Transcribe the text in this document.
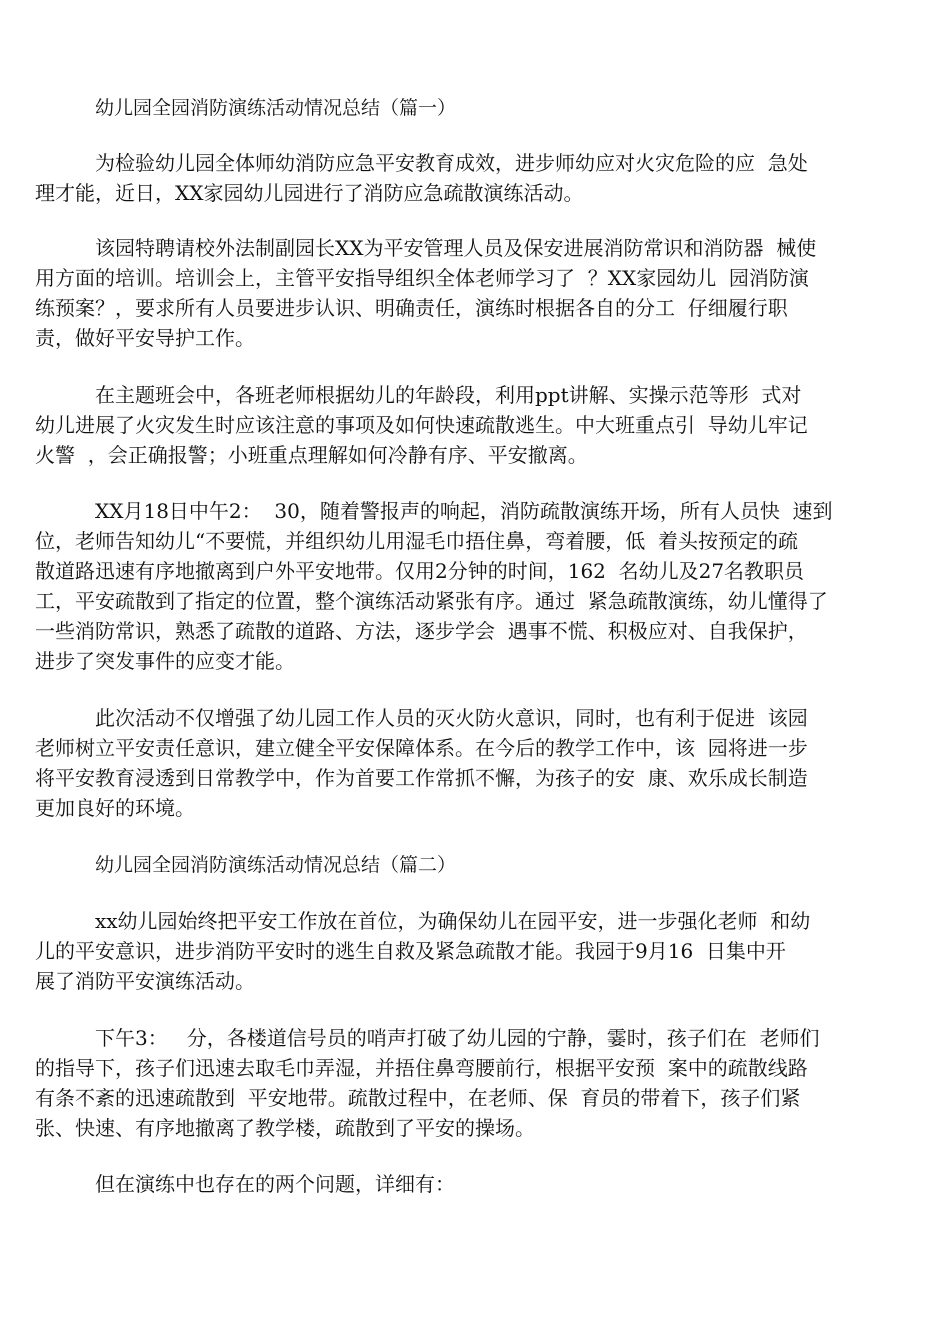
幼儿园全园消防演练活动情况总结（篇一）
为检验幼儿园全体师幼消防应急平安教育成效，进步师幼应对火灾危险的应  急处
理才能，近日，XX家园幼儿园进行了消防应急疏散演练活动。
该园特聘请校外法制副园长XX为平安管理人员及保安进展消防常识和消防器  械使
用方面的培训。培训会上，主管平安指导组织全体老师学习了  ？XX家园幼儿  园消防演
练预案？，要求所有人员要进步认识、明确责任，演练时根据各自的分工  仔细履行职
责，做好平安导护工作。
在主题班会中，各班老师根据幼儿的年龄段，利用ppt讲解、实操示范等形  式对
幼儿进展了火灾发生时应该注意的事项及如何快速疏散逃生。中大班重点引  导幼儿牢记
火警  ，会正确报警；小班重点理解如何冷静有序、平安撤离。
XX月18日中午2：  30，随着警报声的响起，消防疏散演练开场，所有人员快  速到
位，老师告知幼儿“不要慌，并组织幼儿用湿毛巾捂住鼻，弯着腰，低  着头按预定的疏
散道路迅速有序地撤离到户外平安地带。仅用2分钟的时间，162  名幼儿及27名教职员
工，平安疏散到了指定的位置，整个演练活动紧张有序。通过  紧急疏散演练，幼儿懂得了
一些消防常识，熟悉了疏散的道路、方法，逐步学会  遇事不慌、积极应对、自我保护，
进步了突发事件的应变才能。
此次活动不仅增强了幼儿园工作人员的灭火防火意识，同时，也有利于促进  该园
老师树立平安责任意识，建立健全平安保障体系。在今后的教学工作中，该  园将进一步
将平安教育浸透到日常教学中，作为首要工作常抓不懈，为孩子的安  康、欢乐成长制造
更加良好的环境。
幼儿园全园消防演练活动情况总结（篇二）
xx幼儿园始终把平安工作放在首位，为确保幼儿在园平安，进一步强化老师  和幼
儿的平安意识，进步消防平安时的逃生自救及紧急疏散才能。我园于9月16  日集中开
展了消防平安演练活动。
下午3：   分，各楼道信号员的哨声打破了幼儿园的宁静，霎时，孩子们在  老师们
的指导下，孩子们迅速去取毛巾弄湿，并捂住鼻弯腰前行，根据平安预  案中的疏散线路
有条不紊的迅速疏散到  平安地带。疏散过程中，在老师、保  育员的带着下，孩子们紧
张、快速、有序地撤离了教学楼，疏散到了平安的操场。
但在演练中也存在的两个问题，详细有：
